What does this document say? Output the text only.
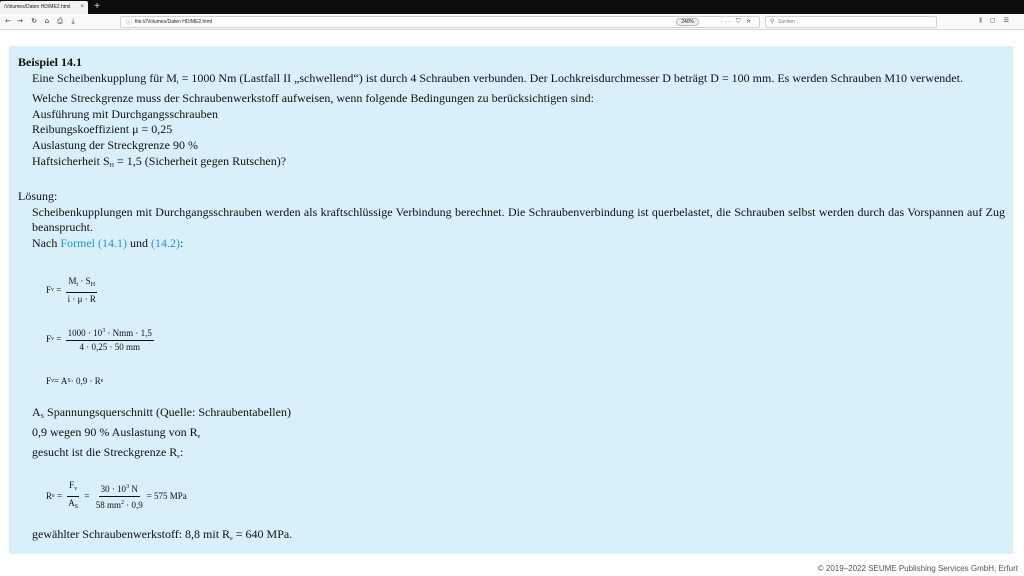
/Volumes/Daten HD/ME2.html ×	+
← → ↻	⌂	⎙	⤓	ⓘ file:///Volumes/Daten HD/ME2.html	240%	··· ⛉ ☆	⚲ Suchen	⫼ ▢ ☰
Beispiel 14.1
Eine Scheibenkupplung für $M_t = 1000$ Nm (Lastfall II „schwellend“) ist durch 4 Schrauben verbunden. Der Lochkreisdurchmesser D beträgt D = 100 mm. Es werden Schrauben M10 verwendet.
Welche Streckgrenze muss der Schraubenwerkstoff aufweisen, wenn folgende Bedingungen zu berücksichtigen sind:
Ausführung mit Durchgangsschrauben
Reibungskoeffizient μ = 0,25
Auslastung der Streckgrenze 90 %
Haftsicherheit $S_H = 1,5$ (Sicherheit gegen Rutschen)?
Lösung:
Scheibenkupplungen mit Durchgangsschrauben werden als kraftschlüssige Verbindung berechnet. Die Schraubenverbindung ist querbelastet, die Schrauben selbst werden durch das Vorspannen auf Zug beansprucht.
Nach Formel (14.1) und (14.2):
F $v = \frac{M_t \cdot S_H}{i \cdot \mu \cdot R}$
F $v = \frac{1000 \cdot 10^3 \cdot Nmm \cdot 1,5}{4 \cdot 0,25 \cdot 50 mm}$
F v = A S · 0,9 · R e
$A_S$ Spannungsquerschnitt (Quelle: Schraubentabellen)
0,9 wegen 90 % Auslastung von $R_e$
gesucht ist die Streckgrenze $R_e$:
R $e = \frac{F_v}{A_S} = \frac{30 \cdot 10^3 N}{58 mm^2 \cdot 0,9} = 575$ MPa
gewählter Schraubenwerkstoff: 8,8 mit $R_e = 640$ MPa.
© 2019–2022 SEUME Publishing Services GmbH, Erfurt
